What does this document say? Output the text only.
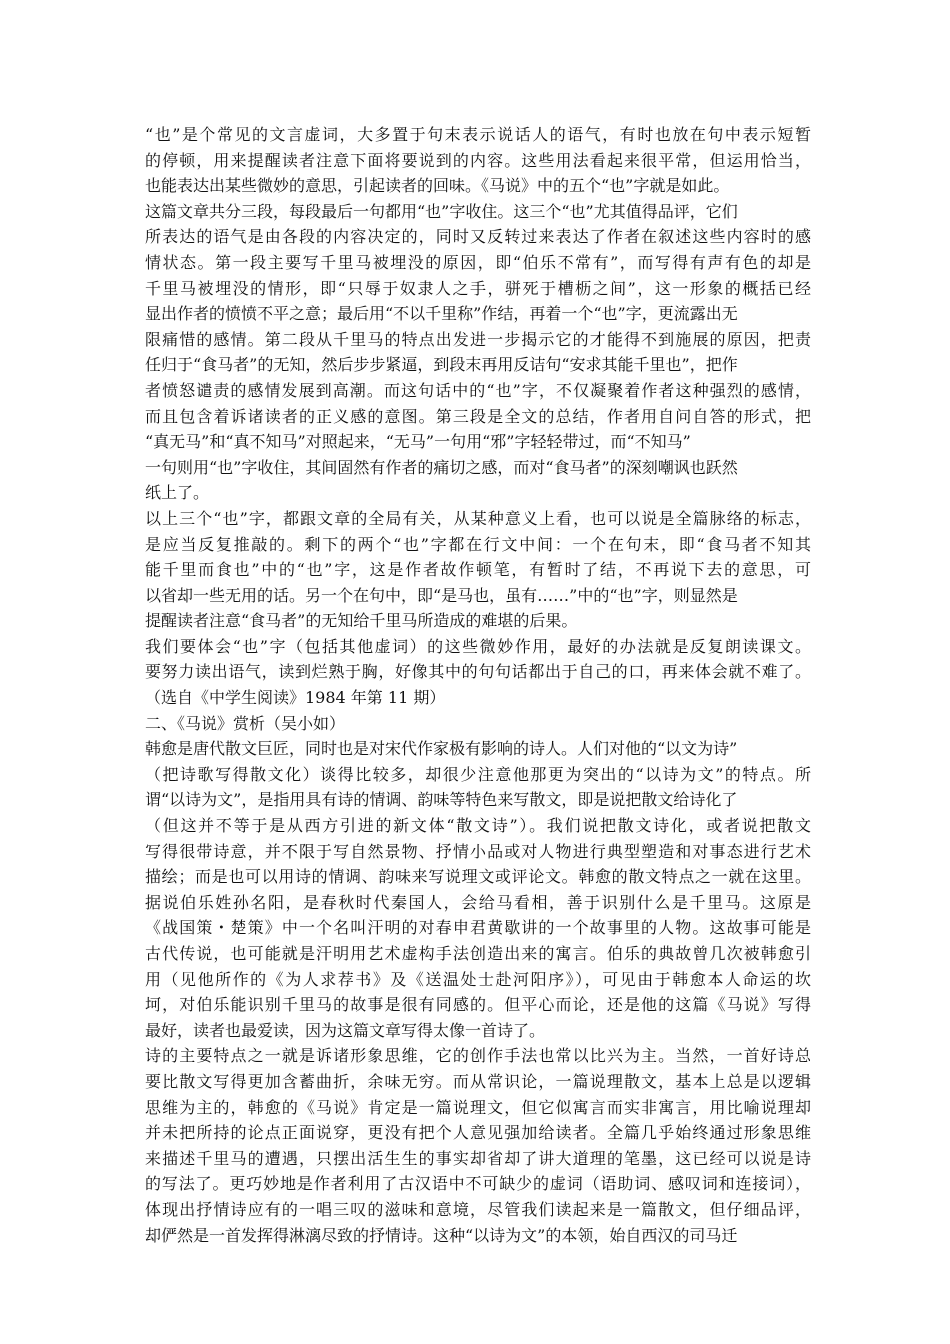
“也”是个常见的文言虚词，大多置于句末表示说话人的语气，有时也放在句中表示短暂
的停顿，用来提醒读者注意下面将要说到的内容。这些用法看起来很平常，但运用恰当，
也能表达出某些微妙的意思，引起读者的回味。《马说》中的五个“也”字就是如此。
这篇文章共分三段，每段最后一句都用“也”字收住。这三个“也”尤其值得品评，它们
所表达的语气是由各段的内容决定的，同时又反转过来表达了作者在叙述这些内容时的感
情状态。第一段主要写千里马被埋没的原因，即“伯乐不常有”，而写得有声有色的却是
千里马被埋没的情形，即“只辱于奴隶人之手，骈死于槽枥之间”，这一形象的概括已经
显出作者的愤愤不平之意；最后用“不以千里称”作结，再着一个“也”字，更流露出无
限痛惜的感情。第二段从千里马的特点出发进一步揭示它的才能得不到施展的原因，把责
任归于“食马者”的无知，然后步步紧逼，到段末再用反诘句“安求其能千里也”，把作
者愤怒谴责的感情发展到高潮。而这句话中的“也”字，不仅凝聚着作者这种强烈的感情，
而且包含着诉诸读者的正义感的意图。第三段是全文的总结，作者用自问自答的形式，把
“真无马”和“真不知马”对照起来，“无马”一句用“邪”字轻轻带过，而“不知马”
一句则用“也”字收住，其间固然有作者的痛切之感，而对“食马者”的深刻嘲讽也跃然
纸上了。
以上三个“也”字，都跟文章的全局有关，从某种意义上看，也可以说是全篇脉络的标志，
是应当反复推敲的。剩下的两个“也”字都在行文中间：一个在句末，即“食马者不知其
能千里而食也”中的“也”字，这是作者故作顿笔，有暂时了结，不再说下去的意思，可
以省却一些无用的话。另一个在句中，即“是马也，虽有……”中的“也”字，则显然是
提醒读者注意“食马者”的无知给千里马所造成的难堪的后果。
我们要体会“也”字（包括其他虚词）的这些微妙作用，最好的办法就是反复朗读课文。
要努力读出语气，读到烂熟于胸，好像其中的句句话都出于自己的口，再来体会就不难了。
（选自《中学生阅读》1984 年第 11 期）
二、《马说》赏析（吴小如）
韩愈是唐代散文巨匠，同时也是对宋代作家极有影响的诗人。人们对他的“以文为诗”
（把诗歌写得散文化）谈得比较多，却很少注意他那更为突出的“以诗为文”的特点。所
谓“以诗为文”，是指用具有诗的情调、韵味等特色来写散文，即是说把散文给诗化了
（但这并不等于是从西方引进的新文体“散文诗”）。我们说把散文诗化，或者说把散文
写得很带诗意，并不限于写自然景物、抒情小品或对人物进行典型塑造和对事态进行艺术
描绘；而是也可以用诗的情调、韵味来写说理文或评论文。韩愈的散文特点之一就在这里。
据说伯乐姓孙名阳，是春秋时代秦国人，会给马看相，善于识别什么是千里马。这原是
《战国策・楚策》中一个名叫汗明的对春申君黄歇讲的一个故事里的人物。这故事可能是
古代传说，也可能就是汗明用艺术虚构手法创造出来的寓言。伯乐的典故曾几次被韩愈引
用（见他所作的《为人求荐书》及《送温处士赴河阳序》），可见由于韩愈本人命运的坎
坷，对伯乐能识别千里马的故事是很有同感的。但平心而论，还是他的这篇《马说》写得
最好，读者也最爱读，因为这篇文章写得太像一首诗了。
诗的主要特点之一就是诉诸形象思维，它的创作手法也常以比兴为主。当然，一首好诗总
要比散文写得更加含蓄曲折，余味无穷。而从常识论，一篇说理散文，基本上总是以逻辑
思维为主的，韩愈的《马说》肯定是一篇说理文，但它似寓言而实非寓言，用比喻说理却
并未把所持的论点正面说穿，更没有把个人意见强加给读者。全篇几乎始终通过形象思维
来描述千里马的遭遇，只摆出活生生的事实却省却了讲大道理的笔墨，这已经可以说是诗
的写法了。更巧妙地是作者利用了古汉语中不可缺少的虚词（语助词、感叹词和连接词），
体现出抒情诗应有的一唱三叹的滋味和意境，尽管我们读起来是一篇散文，但仔细品评，
却俨然是一首发挥得淋漓尽致的抒情诗。这种“以诗为文”的本领，始自西汉的司马迁
